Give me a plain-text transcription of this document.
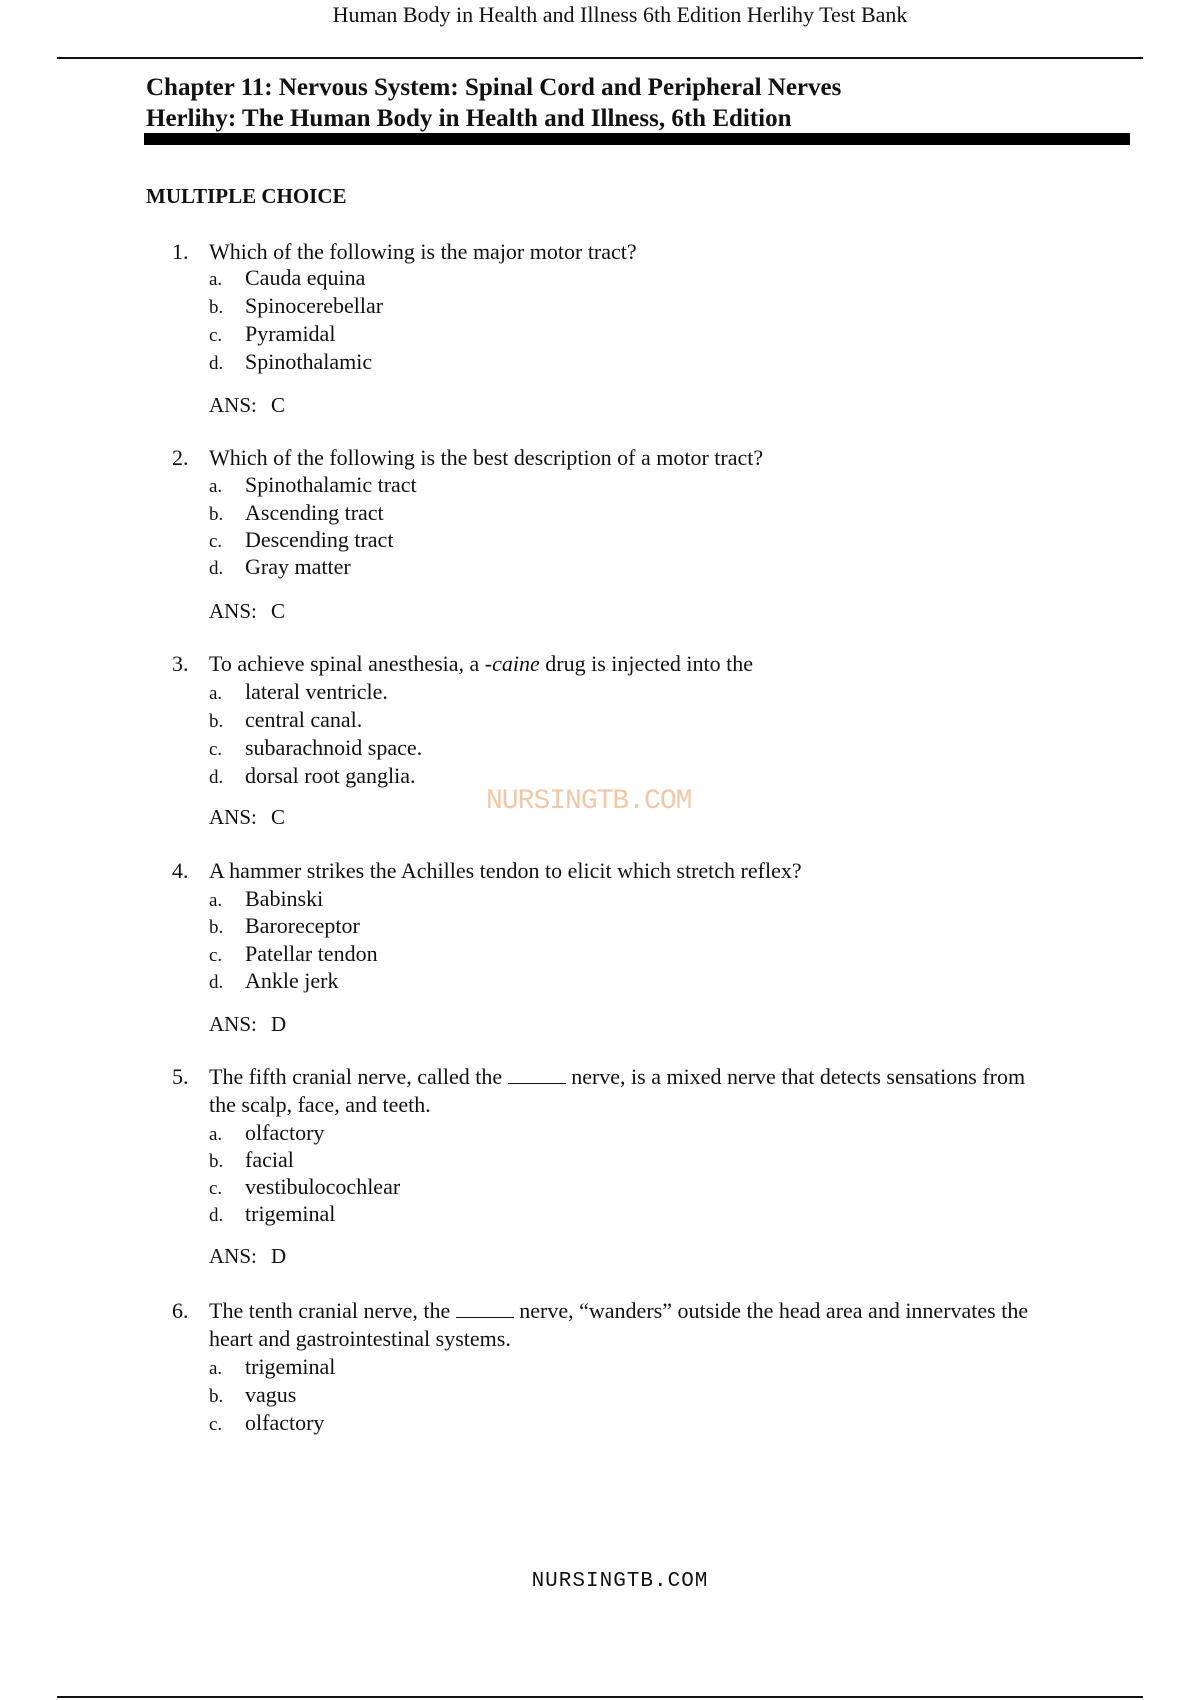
Human Body in Health and Illness 6th Edition Herlihy Test Bank
Chapter 11: Nervous System: Spinal Cord and Peripheral Nerves
Herlihy: The Human Body in Health and Illness, 6th Edition
MULTIPLE CHOICE
1. Which of the following is the major motor tract?
a. Cauda equina
b. Spinocerebellar
c. Pyramidal
d. Spinothalamic
ANS: C
2. Which of the following is the best description of a motor tract?
a. Spinothalamic tract
b. Ascending tract
c. Descending tract
d. Gray matter
ANS: C
3. To achieve spinal anesthesia, a -caine drug is injected into the
a. lateral ventricle.
b. central canal.
c. subarachnoid space.
d. dorsal root ganglia.
ANS: C
4. A hammer strikes the Achilles tendon to elicit which stretch reflex?
a. Babinski
b. Baroreceptor
c. Patellar tendon
d. Ankle jerk
ANS: D
5. The fifth cranial nerve, called the	nerve, is a mixed nerve that detects sensations from
the scalp, face, and teeth.
a. olfactory
b. facial
c. vestibulocochlear
d. trigeminal
ANS: D
6. The tenth cranial nerve, the	nerve, “wanders” outside the head area and innervates the
heart and gastrointestinal systems.
a. trigeminal
b. vagus
c. olfactory
NURSINGTB.COM
NURSINGTB.COM
